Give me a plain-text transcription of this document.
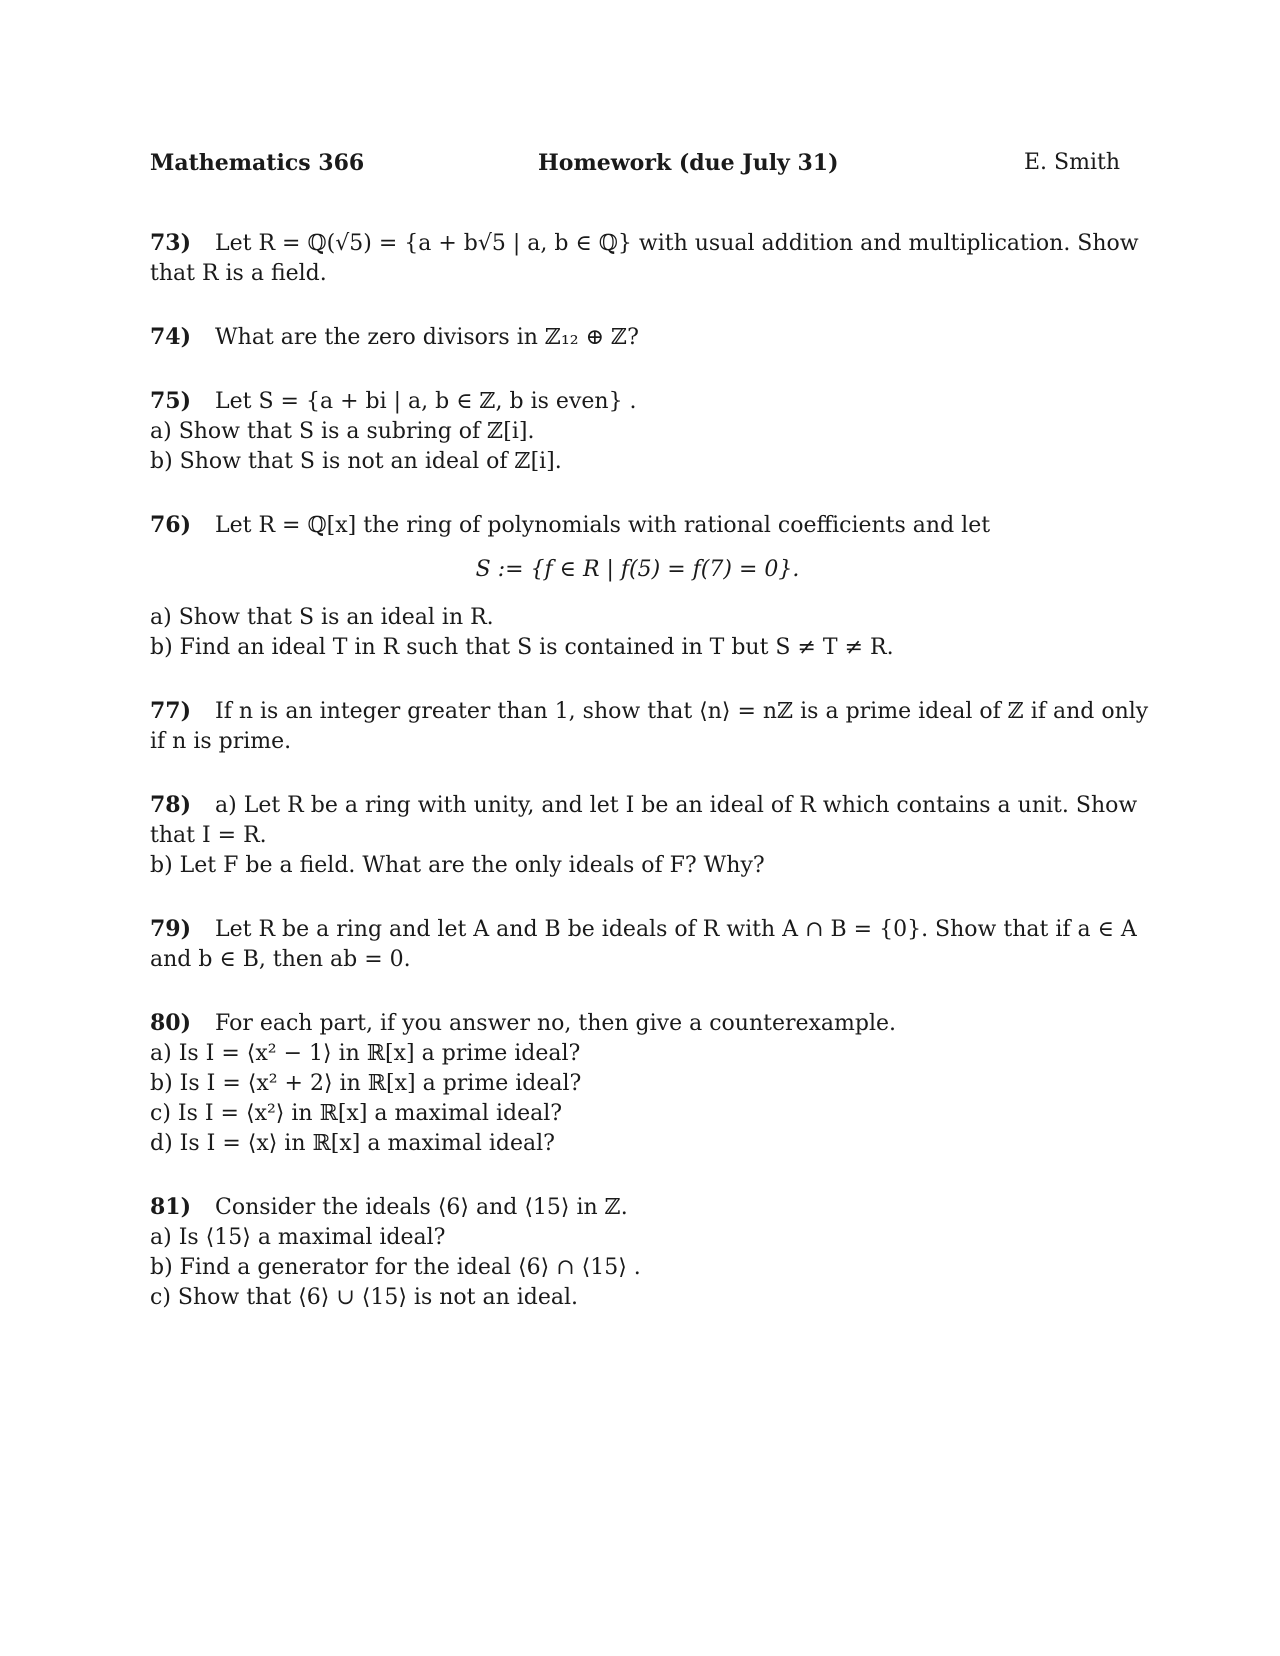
Mathematics 366	Homework (due July 31)	E. Smith
73) Let R = ℚ(√5) = {a + b√5 | a, b ∈ ℚ} with usual addition and multiplication. Show
that R is a field.
74) What are the zero divisors in ℤ₁₂ ⊕ ℤ?
75) Let S = {a + bi | a, b ∈ ℤ, b is even} .
a) Show that S is a subring of ℤ[i].
b) Show that S is not an ideal of ℤ[i].
76) Let R = ℚ[x] the ring of polynomials with rational coefficients and let
S := {f ∈ R | f(5) = f(7) = 0}.
a) Show that S is an ideal in R.
b) Find an ideal T in R such that S is contained in T but S ≠ T ≠ R.
77) If n is an integer greater than 1, show that ⟨n⟩ = nℤ is a prime ideal of ℤ if and only
if n is prime.
78) a) Let R be a ring with unity, and let I be an ideal of R which contains a unit. Show
that I = R.
b) Let F be a field. What are the only ideals of F? Why?
79) Let R be a ring and let A and B be ideals of R with A ∩ B = {0}. Show that if a ∈ A
and b ∈ B, then ab = 0.
80) For each part, if you answer no, then give a counterexample.
a) Is I = ⟨x² − 1⟩ in ℝ[x] a prime ideal?
b) Is I = ⟨x² + 2⟩ in ℝ[x] a prime ideal?
c) Is I = ⟨x²⟩ in ℝ[x] a maximal ideal?
d) Is I = ⟨x⟩ in ℝ[x] a maximal ideal?
81) Consider the ideals ⟨6⟩ and ⟨15⟩ in ℤ.
a) Is ⟨15⟩ a maximal ideal?
b) Find a generator for the ideal ⟨6⟩ ∩ ⟨15⟩ .
c) Show that ⟨6⟩ ∪ ⟨15⟩ is not an ideal.
